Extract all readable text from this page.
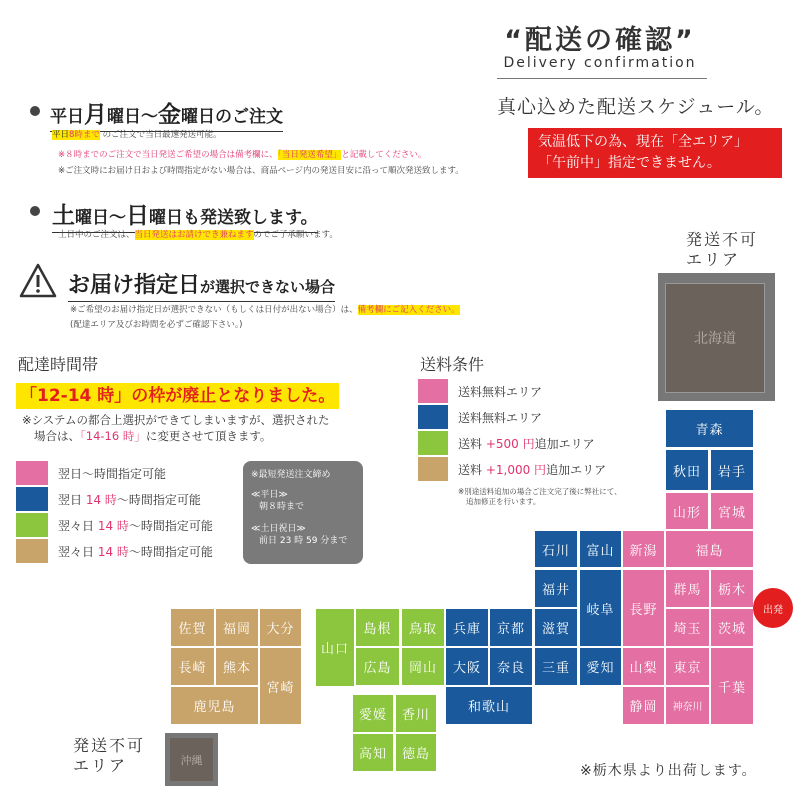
“配送の確認”
Delivery confirmation
真心込めた配送スケジュール。
気温低下の為、現在「全エリア」
「午前中」指定できません。
平日月曜日～金曜日のご注文
平日8時まで のご注文で当日最速発送可能。
※８時までのご注文で当日発送ご希望の場合は備考欄に、「当日発送希望」と記載してください。
※ご注文時にお届け日および時間指定がない場合は、商品ページ内の発送目安に沿って順次発送致します。
土曜日～日曜日も発送致します。
土日中のご注文は、当日発送はお請けでき兼ねますのでご了承願います。
お届け指定日が選択できない場合
※ご希望のお届け指定日が選択できない（もしくは日付が出ない場合）は、備考欄にご記入ください。
(配達エリア及びお時間を必ずご確認下さい。)
配達時間帯
「12-14 時」の枠が廃止となりました。
※システムの都合上選択ができてしまいますが、選択された
場合は、「14-16 時」に変更させて頂きます。
翌日～時間指定可能
翌日 14 時～時間指定可能
翌々日 14 時～時間指定可能
翌々日 14 時～時間指定可能
※最短発送注文締め
≪平日≫
朝８時まで
≪土日祝日≫
前日 23 時 59 分まで
送料条件
送料無料エリア
送料無料エリア
送料 +500 円追加エリア
送料 +1,000 円追加エリア
※別途送料追加の場合ご注文完了後に弊社にて、
追加修正を行います。
発送不可
エリア
北海道
発送不可
エリア	沖縄
青森
秋田	岩手
山形	宮城
福島
新潟
石川	富山
福井
岐阜	長野
群馬	栃木
埼玉	茨城
滋賀
京都
兵庫
鳥取
島根
山口
広島	岡山	大阪	奈良	三重	愛知	山梨	東京
千葉
静岡	神奈川
和歌山
愛媛	香川
高知	徳島
佐賀	福岡	大分
長崎	熊本
宮崎
鹿児島
出発
※栃木県より出荷します。
